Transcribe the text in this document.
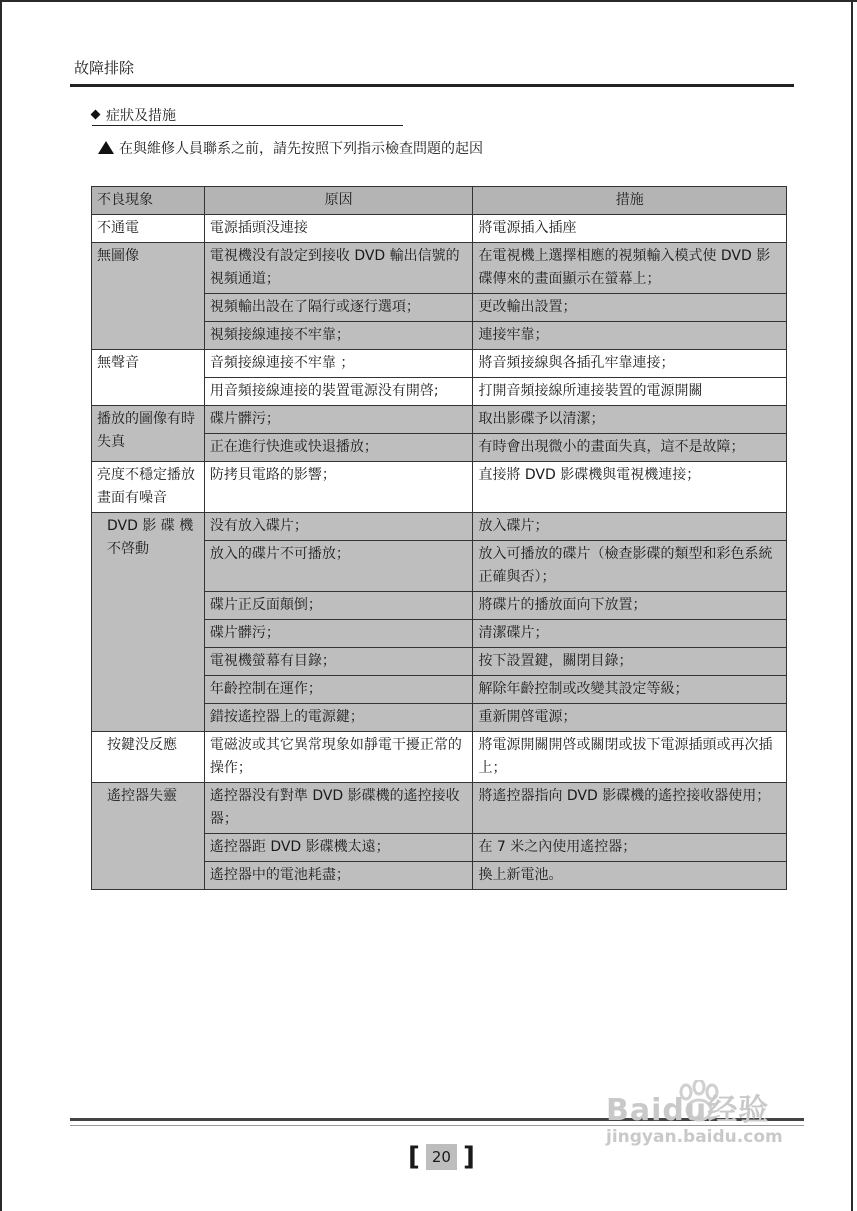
故障排除
症狀及措施
在與維修人員聯系之前，請先按照下列指示檢查問題的起因
不良現象	原因	措施
不通電	電源插頭没連接	將電源插入插座
無圖像	電視機没有設定到接收 DVD 輸出信號的視頻通道；	在電視機上選擇相應的視頻輸入模式使 DVD 影碟傳來的畫面顯示在螢幕上；
	視頻輸出設在了隔行或逐行選項；	更改輸出設置；
	視頻接線連接不牢靠；	連接牢靠；
無聲音	音頻接線連接不牢靠 ；	將音頻接線與各插孔牢靠連接；
	用音頻接線連接的裝置電源没有開啓;	打開音頻接線所連接裝置的電源開關
播放的圖像有時失真	碟片髒污；	取出影碟予以清潔；
	正在進行快進或快退播放；	有時會出現微小的畫面失真，這不是故障；
亮度不穩定播放畫面有噪音	防拷貝電路的影響；	直接將 DVD 影碟機與電視機連接；
DVD 影 碟 機 不啓動	没有放入碟片；	放入碟片；
	放入的碟片不可播放；	放入可播放的碟片（檢查影碟的類型和彩色系統正確與否）；
	碟片正反面顛倒；	將碟片的播放面向下放置；
	碟片髒污；	清潔碟片；
	電視機螢幕有目錄；	按下設置鍵，關閉目錄；
	年齡控制在運作；	解除年齡控制或改變其設定等級；
	錯按遙控器上的電源鍵；	重新開啓電源；
按鍵没反應	電磁波或其它異常現象如靜電干擾正常的操作；	將電源開關開啓或關閉或拔下電源插頭或再次插上；
遙控器失靈	遙控器没有對準 DVD 影碟機的遙控接收器；	將遙控器指向 DVD 影碟機的遙控接收器使用；
	遙控器距 DVD 影碟機太遠；	在 7 米之內使用遙控器；
	遙控器中的電池耗盡；	換上新電池。
[ 20 ]
Baidu经验
jingyan.baidu.com
